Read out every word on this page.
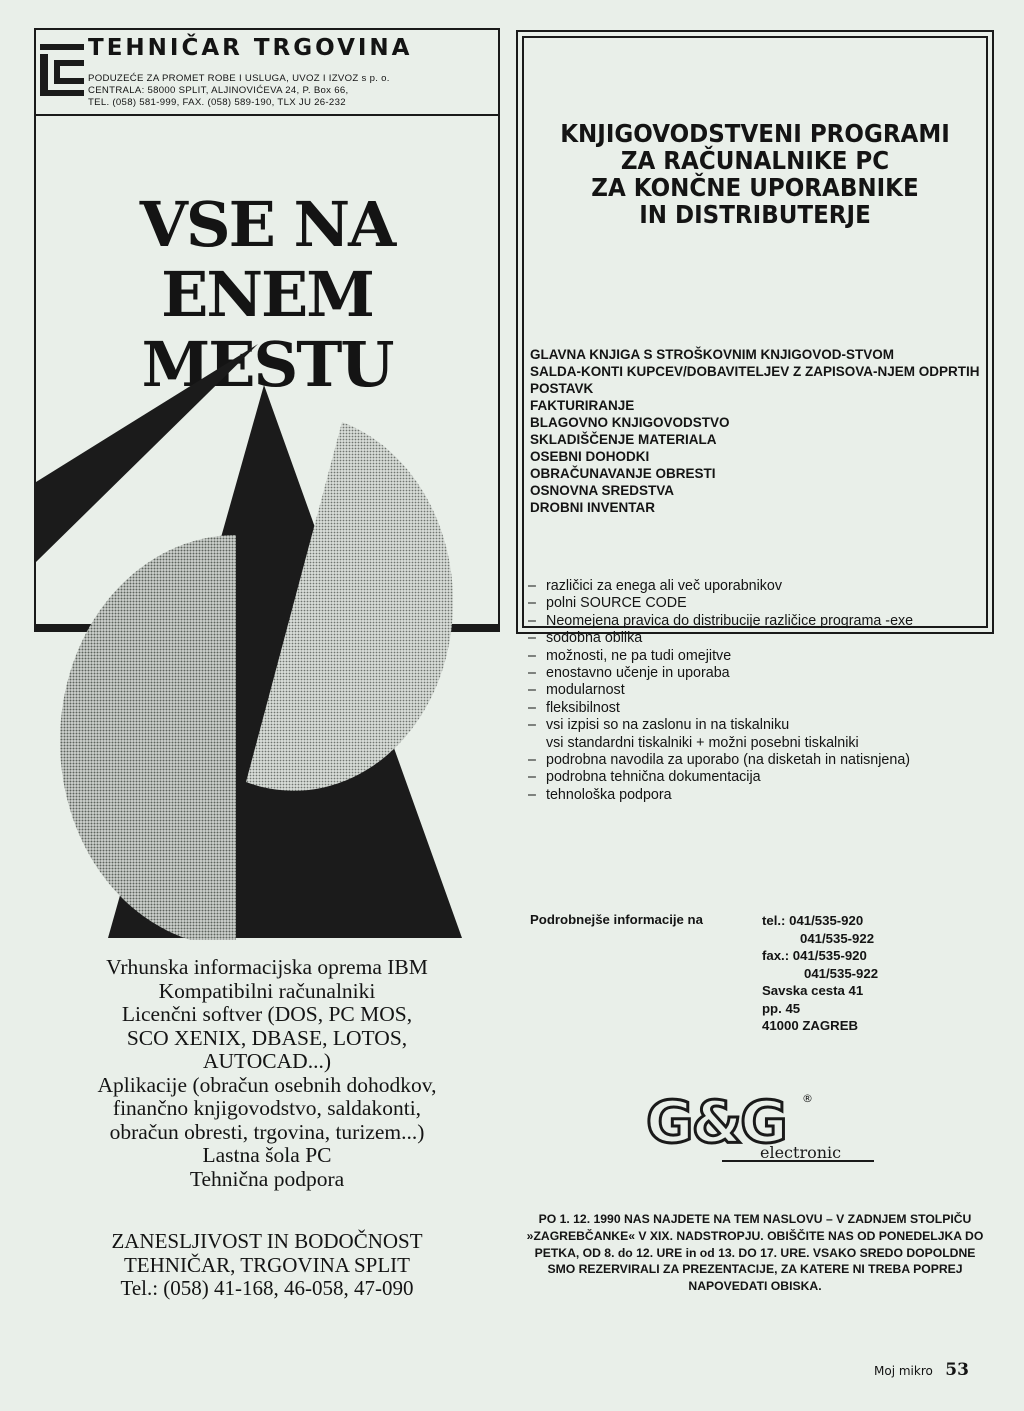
TEHNIČAR TRGOVINA
PODUZEĆE ZA PROMET ROBE I USLUGA, UVOZ I IZVOZ s p. o.
CENTRALA: 58000 SPLIT, ALJINOVIĆEVA 24, P. Box 66,
TEL. (058) 581-999, FAX. (058) 589-190, TLX JU 26-232
VSE NA
ENEM MESTU
Vrhunska informacijska oprema IBM
Kompatibilni računalniki
Licenčni softver (DOS, PC MOS,
SCO XENIX, DBASE, LOTOS,
AUTOCAD...)
Aplikacije (obračun osebnih dohodkov,
finančno knjigovodstvo, saldakonti,
obračun obresti, trgovina, turizem...)
Lastna šola PC
Tehnična podpora
ZANESLJIVOST IN BODOČNOST
TEHNIČAR, TRGOVINA SPLIT
Tel.: (058) 41-168, 46-058, 47-090
KNJIGOVODSTVENI PROGRAMI
ZA RAČUNALNIKE PC
ZA KONČNE UPORABNIKE
IN DISTRIBUTERJE
GLAVNA KNJIGA S STROŠKOVNIM KNJIGOVOD-STVOM
SALDA-KONTI KUPCEV/DOBAVITELJEV Z ZAPISOVA-NJEM ODPRTIH POSTAVK
FAKTURIRANJE
BLAGOVNO KNJIGOVODSTVO
SKLADIŠČENJE MATERIALA
OSEBNI DOHODKI
OBRAČUNAVANJE OBRESTI
OSNOVNA SREDSTVA
DROBNI INVENTAR
– različici za enega ali več uporabnikov
– polni SOURCE CODE
– Neomejena pravica do distribucije različice programa -exe
– sodobna oblika
– možnosti, ne pa tudi omejitve
– enostavno učenje in uporaba
– modularnost
– fleksibilnost
– vsi izpisi so na zaslonu in na tiskalniku
vsi standardni tiskalniki + možni posebni tiskalniki
– podrobna navodila za uporabo (na disketah in natisnjena)
– podrobna tehnična dokumentacija
– tehnološka podpora
Podrobnejše informacije na	tel.: 041/535-920
041/535-922
fax.: 041/535-920
041/535-922
Savska cesta 41
pp. 45
41000 ZAGREB
G&G ®
electronic
PO 1. 12. 1990 NAS NAJDETE NA TEM NASLOVU – V ZADNJEM STOLPIČU »ZAGREBČANKE« V XIX. NADSTROPJU. OBIŠČITE NAS OD PONEDELJKA DO PETKA, OD 8. do 12. URE in od 13. DO 17. URE. VSAKO SREDO DOPOLDNE SMO REZERVIRALI ZA PREZENTACIJE, ZA KATERE NI TREBA POPREJ NAPOVEDATI OBISKA.
Moj mikro 53
